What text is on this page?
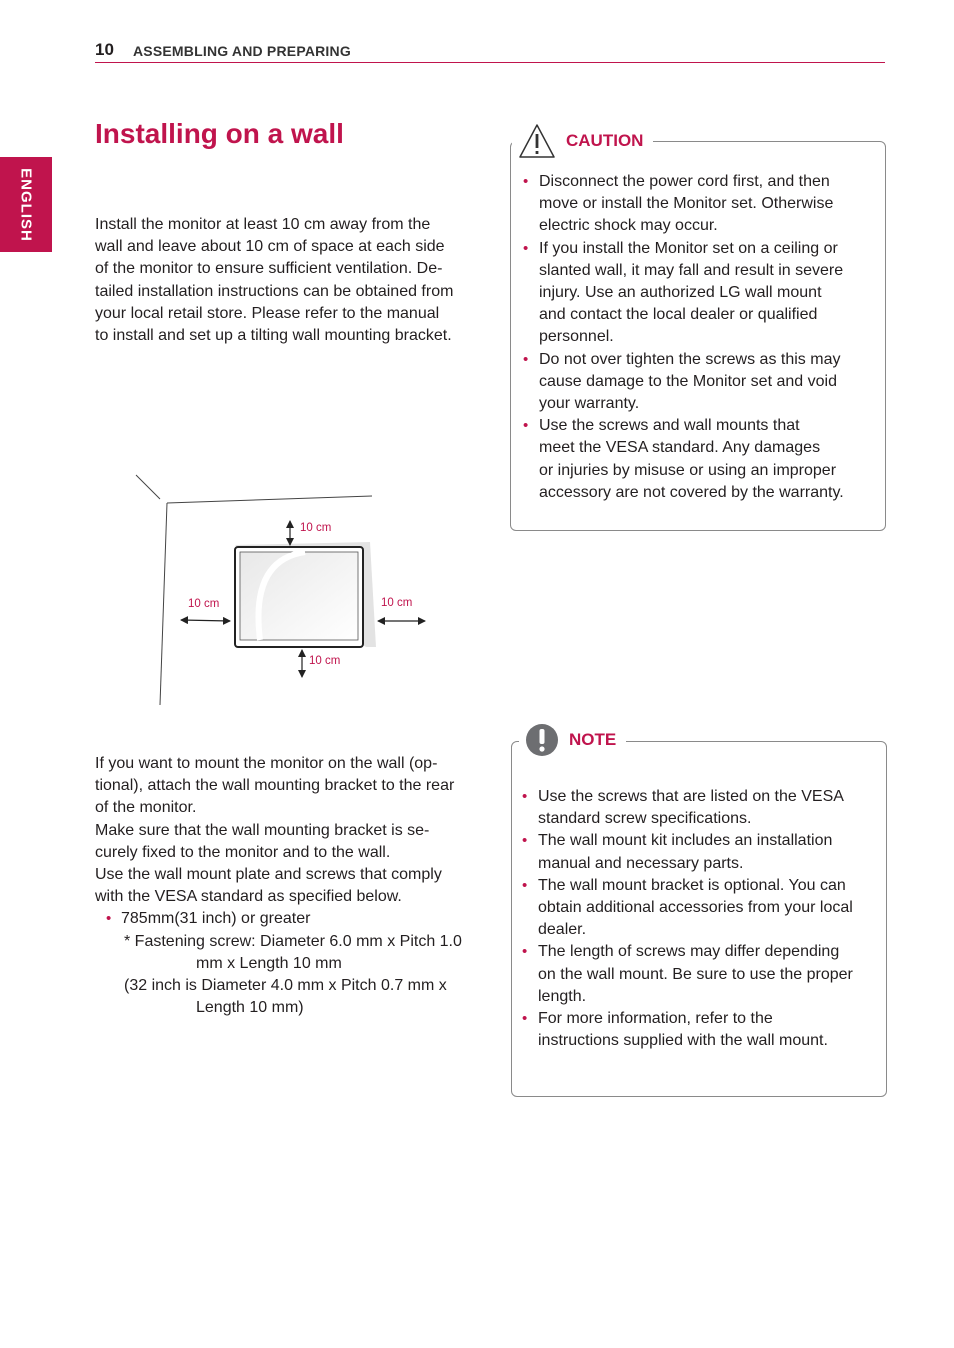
10 ASSEMBLING AND PREPARING
ENGLISH
Installing on a wall

Install the monitor at least 10 cm away from the

wall and leave about 10 cm of space at each side

of the monitor to ensure sufficient ventilation. De-

tailed installation instructions can be obtained from

your local retail store. Please refer to the manual

to install and set up a tilting wall mounting bracket.

10 cm
10 cm	10 cm
10 cm

If you want to mount the monitor on the wall (op-

tional), attach the wall mounting bracket to the rear

of the monitor.

Make sure that the wall mounting bracket is se-

curely fixed to the monitor and to the wall.

Use the wall mount plate and screws that comply

with the VESA standard as specified below.

• 785mm(31 inch) or greater

* Fastening screw: Diameter 6.0 mm x Pitch 1.0

mm x Length 10 mm

(32 inch is Diameter 4.0 mm x Pitch 0.7 mm x

Length 10 mm)

CAUTION
• Disconnect the power cord first, and then
move or install the Monitor set. Otherwise
electric shock may occur.
• If you install the Monitor set on a ceiling or
slanted wall, it may fall and result in severe
injury. Use an authorized LG wall mount
and contact the local dealer or qualified
personnel.
• Do not over tighten the screws as this may
cause damage to the Monitor set and void
your warranty.
• Use the screws and wall mounts that
meet the VESA standard. Any damages
or injuries by misuse or using an improper
accessory are not covered by the warranty.
NOTE
• Use the screws that are listed on the VESA
standard screw specifications.
• The wall mount kit includes an installation
manual and necessary parts.
• The wall mount bracket is optional. You can
obtain additional accessories from your local
dealer.
• The length of screws may differ depending
on the wall mount. Be sure to use the proper
length.
• For more information, refer to the
instructions supplied with the wall mount.
